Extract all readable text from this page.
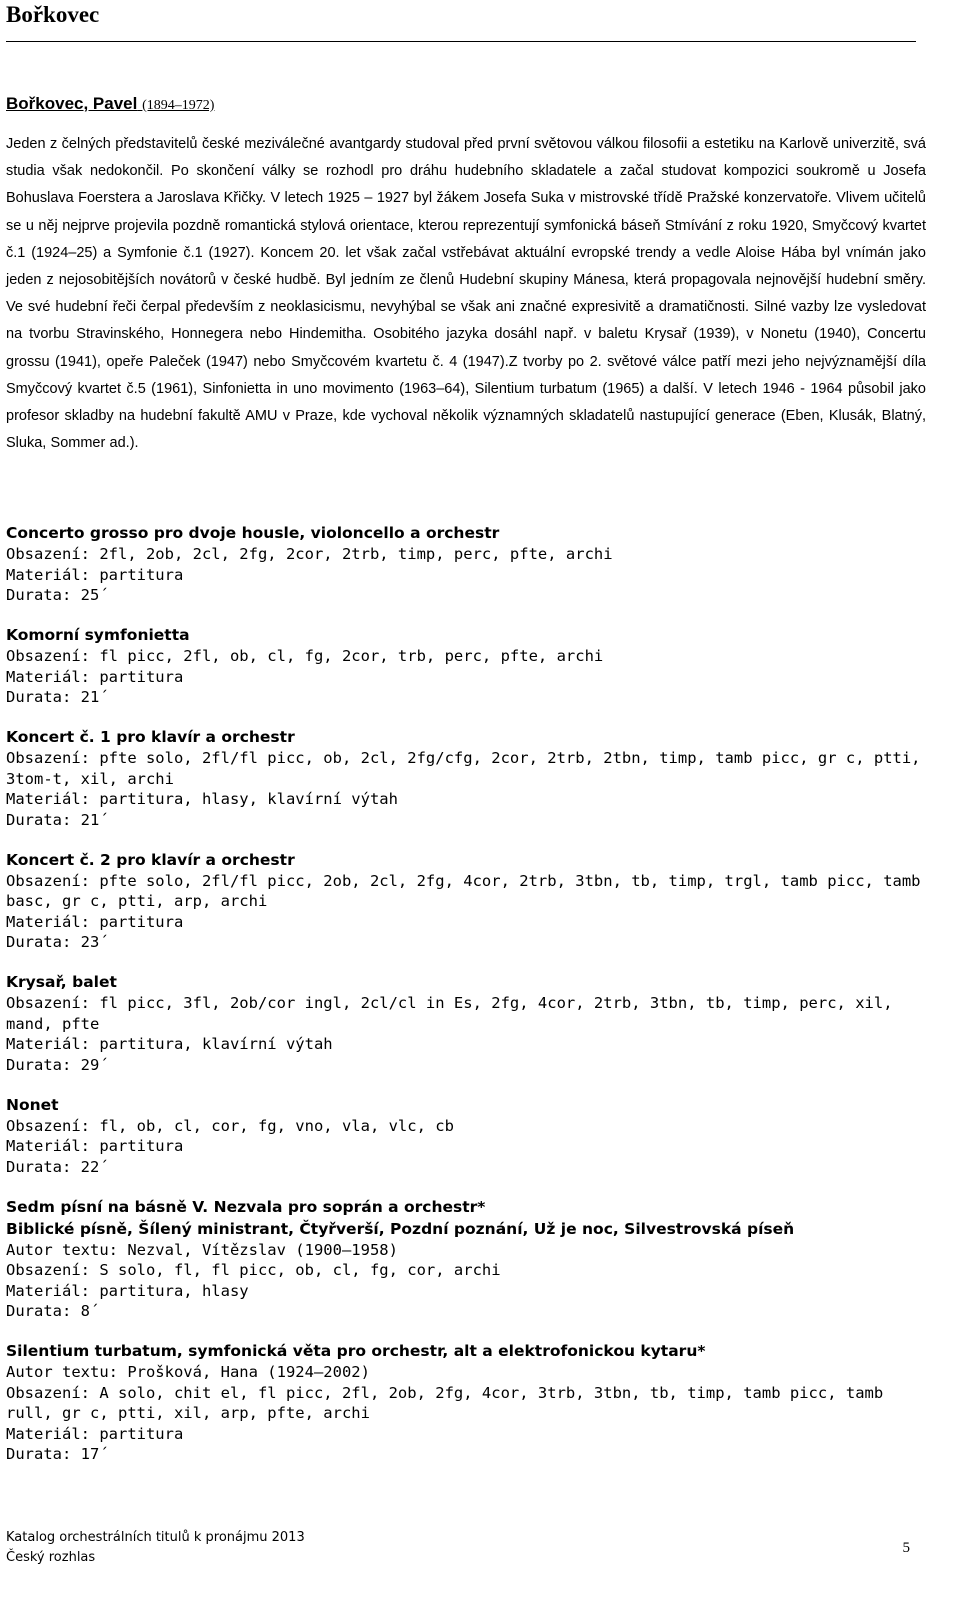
Bořkovec
Bořkovec, Pavel (1894–1972)

Jeden z čelných představitelů české meziválečné avantgardy studoval před první světovou válkou filosofii a estetiku na Karlově univerzitě, svá studia však nedokončil. Po skončení války se rozhodl pro dráhu hudebního skladatele a začal studovat kompozici soukromě u Josefa Bohuslava Foerstera a Jaroslava Křičky. V letech 1925 – 1927 byl žákem Josefa Suka v mistrovské třídě Pražské konzervatoře. Vlivem učitelů se u něj nejprve projevila pozdně romantická stylová orientace, kterou reprezentují symfonická báseň Stmívání z roku 1920, Smyčcový kvartet č.1 (1924–25) a Symfonie č.1 (1927). Koncem 20. let však začal vstřebávat aktuální evropské trendy a vedle Aloise Hába byl vnímán jako jeden z nejosobitějších novátorů v české hudbě. Byl jedním ze členů Hudební skupiny Mánesa, která propagovala nejnovější hudební směry. Ve své hudební řeči čerpal především z neoklasicismu, nevyhýbal se však ani značné expresivitě a dramatičnosti. Silné vazby lze vysledovat na tvorbu Stravinského, Honnegera nebo Hindemitha. Osobitého jazyka dosáhl např. v baletu Krysař (1939), v Nonetu (1940), Concertu grossu (1941), opeře Paleček (1947) nebo Smyčcovém kvartetu č. 4 (1947).Z tvorby po 2. světové válce patří mezi jeho nejvýznamější díla Smyčcový kvartet č.5 (1961), Sinfonietta in uno movimento (1963–64), Silentium turbatum (1965) a další. V letech 1946 - 1964 působil jako profesor skladby na hudební fakultě AMU v Praze, kde vychoval několik významných skladatelů nastupující generace (Eben, Klusák, Blatný, Sluka, Sommer ad.).

Concerto grosso pro dvoje housle, violoncello a orchestr
Obsazení: 2fl, 2ob, 2cl, 2fg, 2cor, 2trb, timp, perc, pfte, archi
Materiál: partitura
Durata: 25´
Komorní symfonietta
Obsazení: fl picc, 2fl, ob, cl, fg, 2cor, trb, perc, pfte, archi
Materiál: partitura
Durata: 21´
Koncert č. 1 pro klavír a orchestr
Obsazení: pfte solo, 2fl/fl picc, ob, 2cl, 2fg/cfg, 2cor, 2trb, 2tbn, timp, tamb picc, gr c, ptti, 3tom-t, xil, archi
Materiál: partitura, hlasy, klavírní výtah
Durata: 21´
Koncert č. 2 pro klavír a orchestr
Obsazení: pfte solo, 2fl/fl picc, 2ob, 2cl, 2fg, 4cor, 2trb, 3tbn, tb, timp, trgl, tamb picc, tamb basc, gr c, ptti, arp, archi
Materiál: partitura
Durata: 23´
Krysař, balet
Obsazení: fl picc, 3fl, 2ob/cor ingl, 2cl/cl in Es, 2fg, 4cor, 2trb, 3tbn, tb, timp, perc, xil, mand, pfte
Materiál: partitura, klavírní výtah
Durata: 29´
Nonet
Obsazení: fl, ob, cl, cor, fg, vno, vla, vlc, cb
Materiál: partitura
Durata: 22´
Sedm písní na básně V. Nezvala pro soprán a orchestr*
Biblické písně, Šílený ministrant, Čtyřverší, Pozdní poznání, Už je noc, Silvestrovská píseň
Autor textu: Nezval, Vítězslav (1900–1958)
Obsazení: S solo, fl, fl picc, ob, cl, fg, cor, archi
Materiál: partitura, hlasy
Durata: 8´
Silentium turbatum, symfonická věta pro orchestr, alt a elektrofonickou kytaru*
Autor textu: Prošková, Hana (1924–2002)
Obsazení: A solo, chit el, fl picc, 2fl, 2ob, 2fg, 4cor, 3trb, 3tbn, tb, timp, tamb picc, tamb rull, gr c, ptti, xil, arp, pfte, archi
Materiál: partitura
Durata: 17´
Katalog orchestrálních titulů k pronájmu 2013
Český rozhlas
5
